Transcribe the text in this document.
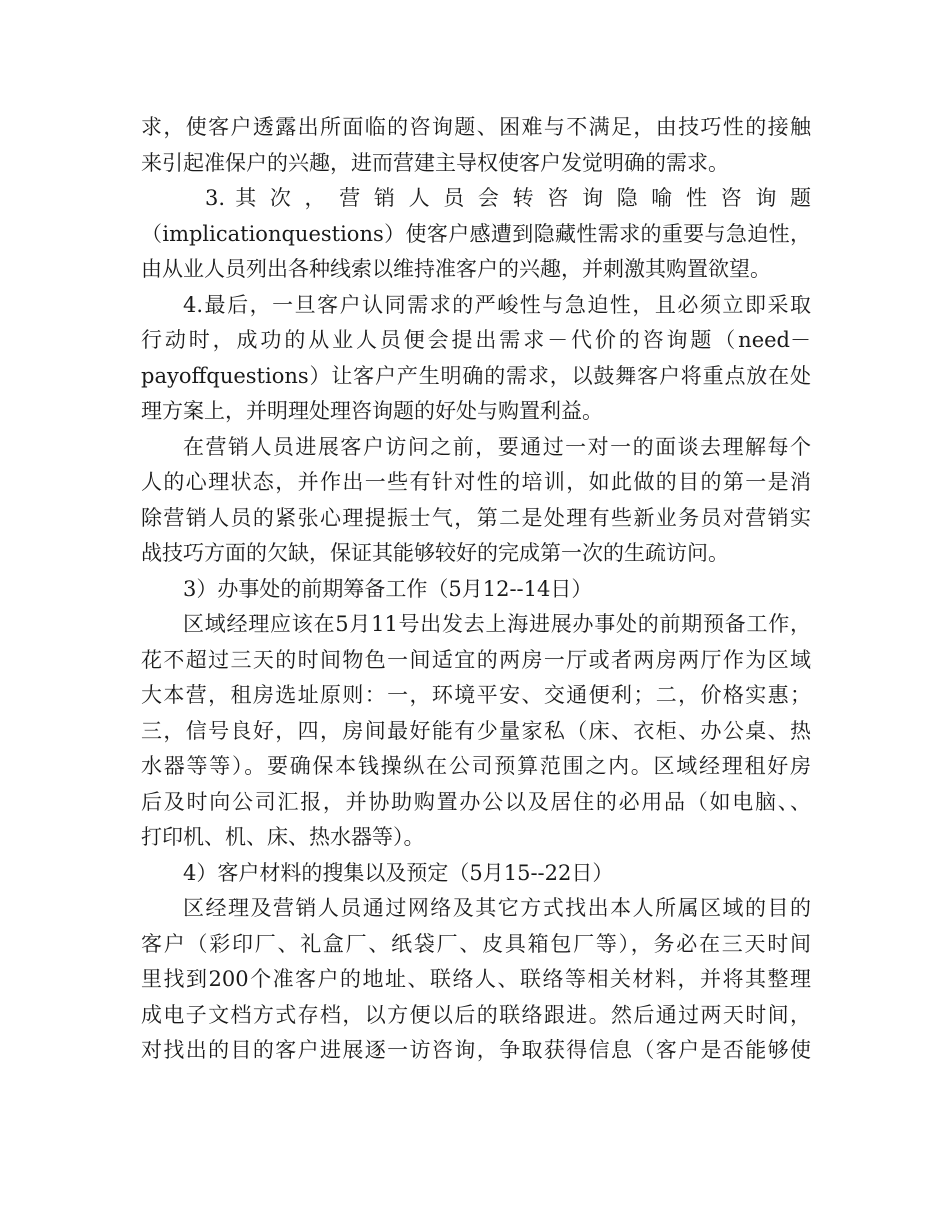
求，使客户透露出所面临的咨询题、困难与不满足，由技巧性的接触
来引起准保户的兴趣，进而营建主导权使客户发觉明确的需求。
3. 其 次 ， 营 销 人 员 会 转 咨 询 隐 喻 性 咨 询 题
（implicationquestions）使客户感遭到隐藏性需求的重要与急迫性，
由从业人员列出各种线索以维持准客户的兴趣，并刺激其购置欲望。
4.最后，一旦客户认同需求的严峻性与急迫性，且必须立即采取
行动时，成功的从业人员便会提出需求－代价的咨询题（need－
payoffquestions）让客户产生明确的需求，以鼓舞客户将重点放在处
理方案上，并明理处理咨询题的好处与购置利益。
在营销人员进展客户访问之前，要通过一对一的面谈去理解每个
人的心理状态，并作出一些有针对性的培训，如此做的目的第一是消
除营销人员的紧张心理提振士气，第二是处理有些新业务员对营销实
战技巧方面的欠缺，保证其能够较好的完成第一次的生疏访问。
3）办事处的前期筹备工作（5月12--14日）
区域经理应该在5月11号出发去上海进展办事处的前期预备工作，
花不超过三天的时间物色一间适宜的两房一厅或者两房两厅作为区域
大本营，租房选址原则：一，环境平安、交通便利；二，价格实惠；
三，信号良好，四，房间最好能有少量家私（床、衣柜、办公桌、热
水器等等）。要确保本钱操纵在公司预算范围之内。区域经理租好房
后及时向公司汇报，并协助购置办公以及居住的必用品（如电脑、、
打印机、机、床、热水器等）。
4）客户材料的搜集以及预定（5月15--22日）
区经理及营销人员通过网络及其它方式找出本人所属区域的目的
客户（彩印厂、礼盒厂、纸袋厂、皮具箱包厂等），务必在三天时间
里找到200个准客户的地址、联络人、联络等相关材料，并将其整理
成电子文档方式存档，以方便以后的联络跟进。然后通过两天时间，
对找出的目的客户进展逐一访咨询，争取获得信息（客户是否能够使
